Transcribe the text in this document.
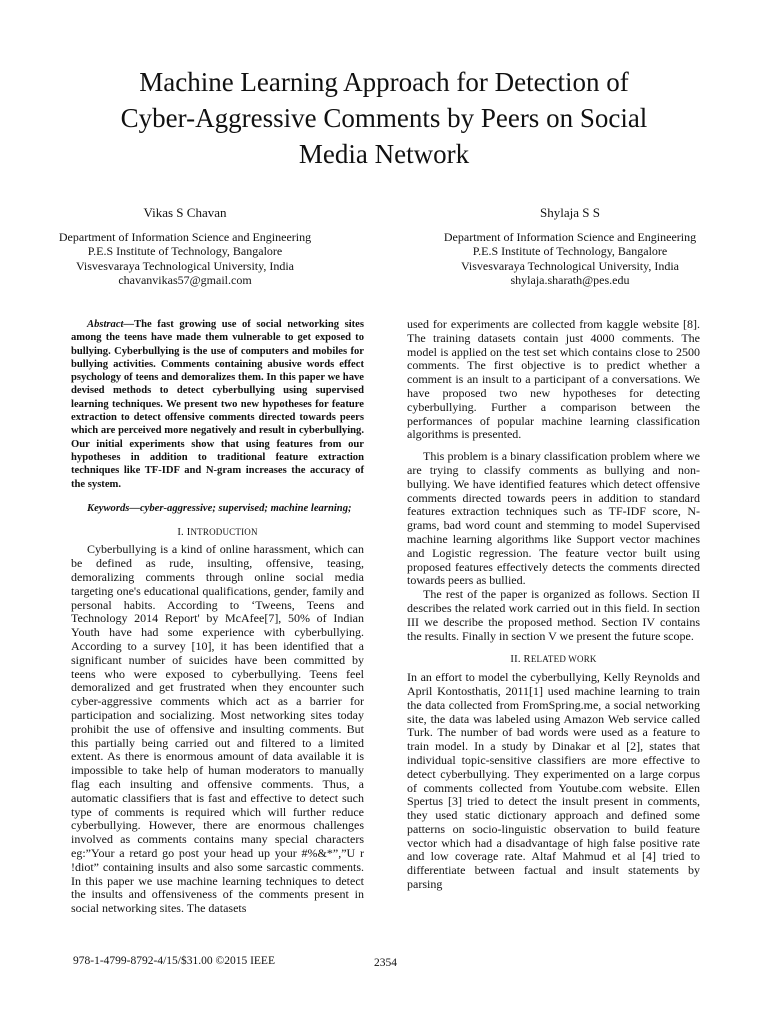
Machine Learning Approach for Detection of
Cyber-Aggressive Comments by Peers on Social
Media Network
Vikas S Chavan
Department of Information Science and Engineering
P.E.S Institute of Technology, Bangalore
Visvesvaraya Technological University, India
chavanvikas57@gmail.com
Shylaja S S
Department of Information Science and Engineering
P.E.S Institute of Technology, Bangalore
Visvesvaraya Technological University, India
shylaja.sharath@pes.edu

Abstract—The fast growing use of social networking sites among the teens have made them vulnerable to get exposed to bullying. Cyberbullying is the use of computers and mobiles for bullying activities. Comments containing abusive words effect psychology of teens and demoralizes them. In this paper we have devised methods to detect cyberbullying using supervised learning techniques. We present two new hypotheses for feature extraction to detect offensive comments directed towards peers which are perceived more negatively and result in cyberbullying. Our initial experiments show that using features from our hypotheses in addition to traditional feature extraction techniques like TF-IDF and N-gram increases the accuracy of the system.

Keywords—cyber-aggressive; supervised; machine learning;

I. INTRODUCTION

Cyberbullying is a kind of online harassment, which can be defined as rude, insulting, offensive, teasing, demoralizing comments through online social media targeting one's educational qualifications, gender, family and personal habits. According to ‘Tweens, Teens and Technology 2014 Report' by McAfee[7], 50% of Indian Youth have had some experience with cyberbullying. According to a survey [10], it has been identified that a significant number of suicides have been committed by teens who were exposed to cyberbullying. Teens feel demoralized and get frustrated when they encounter such cyber-aggressive comments which act as a barrier for participation and socializing. Most networking sites today prohibit the use of offensive and insulting comments. But this partially being carried out and filtered to a limited extent. As there is enormous amount of data available it is impossible to take help of human moderators to manually flag each insulting and offensive comments. Thus, a automatic classifiers that is fast and effective to detect such type of comments is required which will further reduce cyberbullying. However, there are enormous challenges involved as comments contains many special characters eg:”Your a retard go post your head up your #%&*”,”U r !diot” containing insults and also some sarcastic comments. In this paper we use machine learning techniques to detect the insults and offensiveness of the comments present in social networking sites. The datasets

used for experiments are collected from kaggle website [8]. The training datasets contain just 4000 comments. The model is applied on the test set which contains close to 2500 comments. The first objective is to predict whether a comment is an insult to a participant of a conversations. We have proposed two new hypotheses for detecting cyberbullying. Further a comparison between the performances of popular machine learning classification algorithms is presented.

This problem is a binary classification problem where we are trying to classify comments as bullying and non-bullying. We have identified features which detect offensive comments directed towards peers in addition to standard features extraction techniques such as TF-IDF score, N-grams, bad word count and stemming to model Supervised machine learning algorithms like Support vector machines and Logistic regression. The feature vector built using proposed features effectively detects the comments directed towards peers as bullied.

The rest of the paper is organized as follows. Section II describes the related work carried out in this field. In section III we describe the proposed method. Section IV contains the results. Finally in section V we present the future scope.

II. RELATED WORK

In an effort to model the cyberbullying, Kelly Reynolds and April Kontosthatis, 2011[1] used machine learning to train the data collected from FromSpring.me, a social networking site, the data was labeled using Amazon Web service called Turk. The number of bad words were used as a feature to train model. In a study by Dinakar et al [2], states that individual topic-sensitive classifiers are more effective to detect cyberbullying. They experimented on a large corpus of comments collected from Youtube.com website. Ellen Spertus [3] tried to detect the insult present in comments, they used static dictionary approach and defined some patterns on socio-linguistic observation to build feature vector which had a disadvantage of high false positive rate and low coverage rate. Altaf Mahmud et al [4] tried to differentiate between factual and insult statements by parsing

978-1-4799-8792-4/15/$31.00 ©2015 IEEE	2354
